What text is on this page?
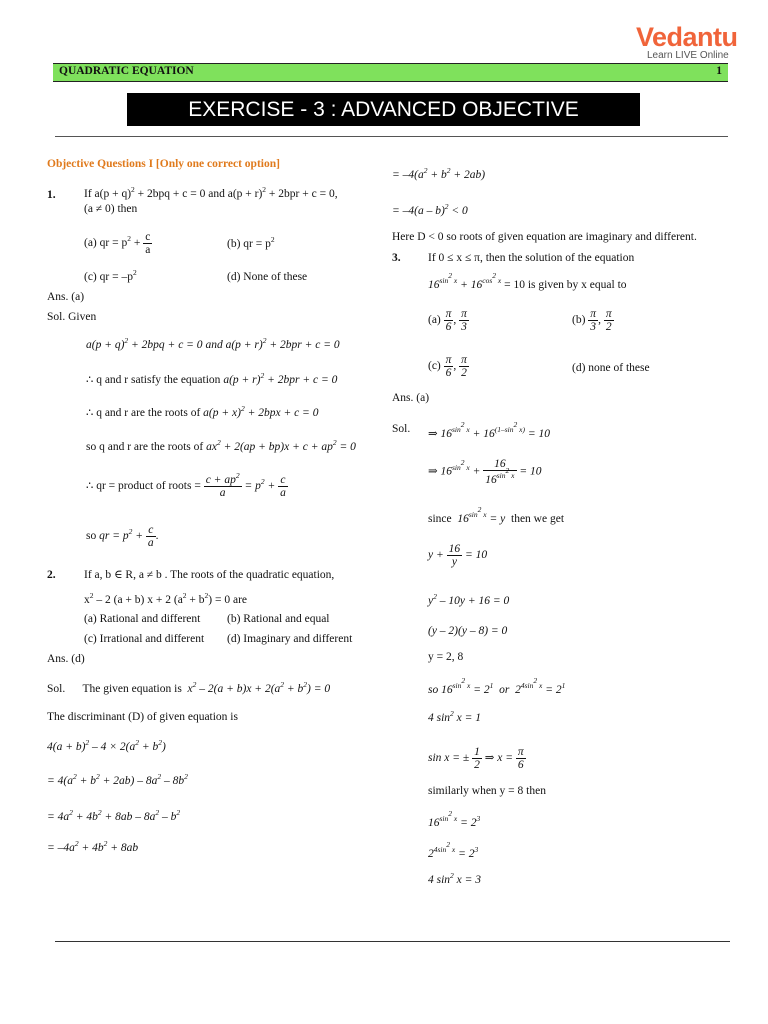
Vedantu
Learn LIVE Online
QUADRATIC EQUATION	1
EXERCISE - 3 : ADVANCED OBJECTIVE QUESTIONS
Objective Questions I [Only one correct option]
1. If $a(p + q)^2 + 2bpq + c = 0$ and $a(p + r)^2 + 2bpr + c = 0$,
(a ≠ 0) then
(a) qr = $p^2 + \frac{c}{a}$	(b) qr = $p^2$
(c) qr = $-p^2$	(d) None of these
Ans. (a)
Sol. Given
$a(p + q)^2 + 2bpq + c = 0$ and $a(p + r)^2 + 2bpr + c = 0$
∴ q and r satisfy the equation $a(p + r)^2 + 2bpr + c = 0$
∴ q and r are the roots of $a(p + x)^2 + 2bpx + c = 0$
so q and r are the roots of $ax^2 + 2(ap + bp)x + c + ap^2 = 0$
∴ qr = product of roots = $\frac{c + ap^2}{a} = p^2 + \frac{c}{a}$
so qr = $p^2 + \frac{c}{a}$ .
2. If a, b ∈ R, a ≠ b . The roots of the quadratic equation,
$x^2 - 2$ (a + b) x + 2 $(a^2 + b^2) = 0$ are
(a) Rational and different (b) Rational and equal
(c) Irrational and different (d) Imaginary and different
Ans. (d)
Sol. The given equation is $x^2 - 2(a + b)x + 2(a^2 + b^2) = 0$
The discriminant (D) of given equation is
$4(a + b)^2 - 4 \times 2(a^2 + b^2)$
= $4(a^2 + b^2 + 2ab) - 8a^2 - 8b^2$
= $4a^2 + 4b^2 + 8ab - 8a^2 - b^2$
= $-4a^2 + 4b^2 + 8ab$
= $-4(a^2 + b^2 + 2ab)$
= –4(a – b)$^2$ < 0
Here D < 0 so roots of given equation are imaginary and different.
3. If 0 ≤ x ≤ π, then the solution of the equation
$16^{sin^2 x} + 16^{cos^2 x} = 10$ is given by x equal to
$(a) \frac{\pi}{6}$ , $\frac{\pi}{3}$	$(b) \frac{\pi}{3}$ , $\frac{\pi}{2}$
$(c) \frac{\pi}{6}$ , $\frac{\pi}{2}$	(d) none of these
Ans. (a)
Sol. ⇒ $16^{sin^2 x} + 16^{(1-sin^2 x)} = 10$
⇒ $16^{sin^2 x} + \frac{16}{16^{sin^2 x}} = 10$
since $16^{sin^2 x} = y$ then we get
$y + \frac{16}{y} = 10$
$y^2 - 10y + 16 = 0$
(y – 2)(y – 8) = 0
y = 2, 8
so $16^{sin^2 x} = 2^1$  or  $2^{4sin^2 x} = 2^1$
4 $\sin^2 x = 1$
sin x = ± $\frac{1}{2}$ ⇒ $x = \frac{\pi}{6}$
similarly when y = 8 then
$16^{sin^2 x} = 2^3$
$2^{4sin^2 x} = 2^3$
4 $\sin^2 x = 3$
